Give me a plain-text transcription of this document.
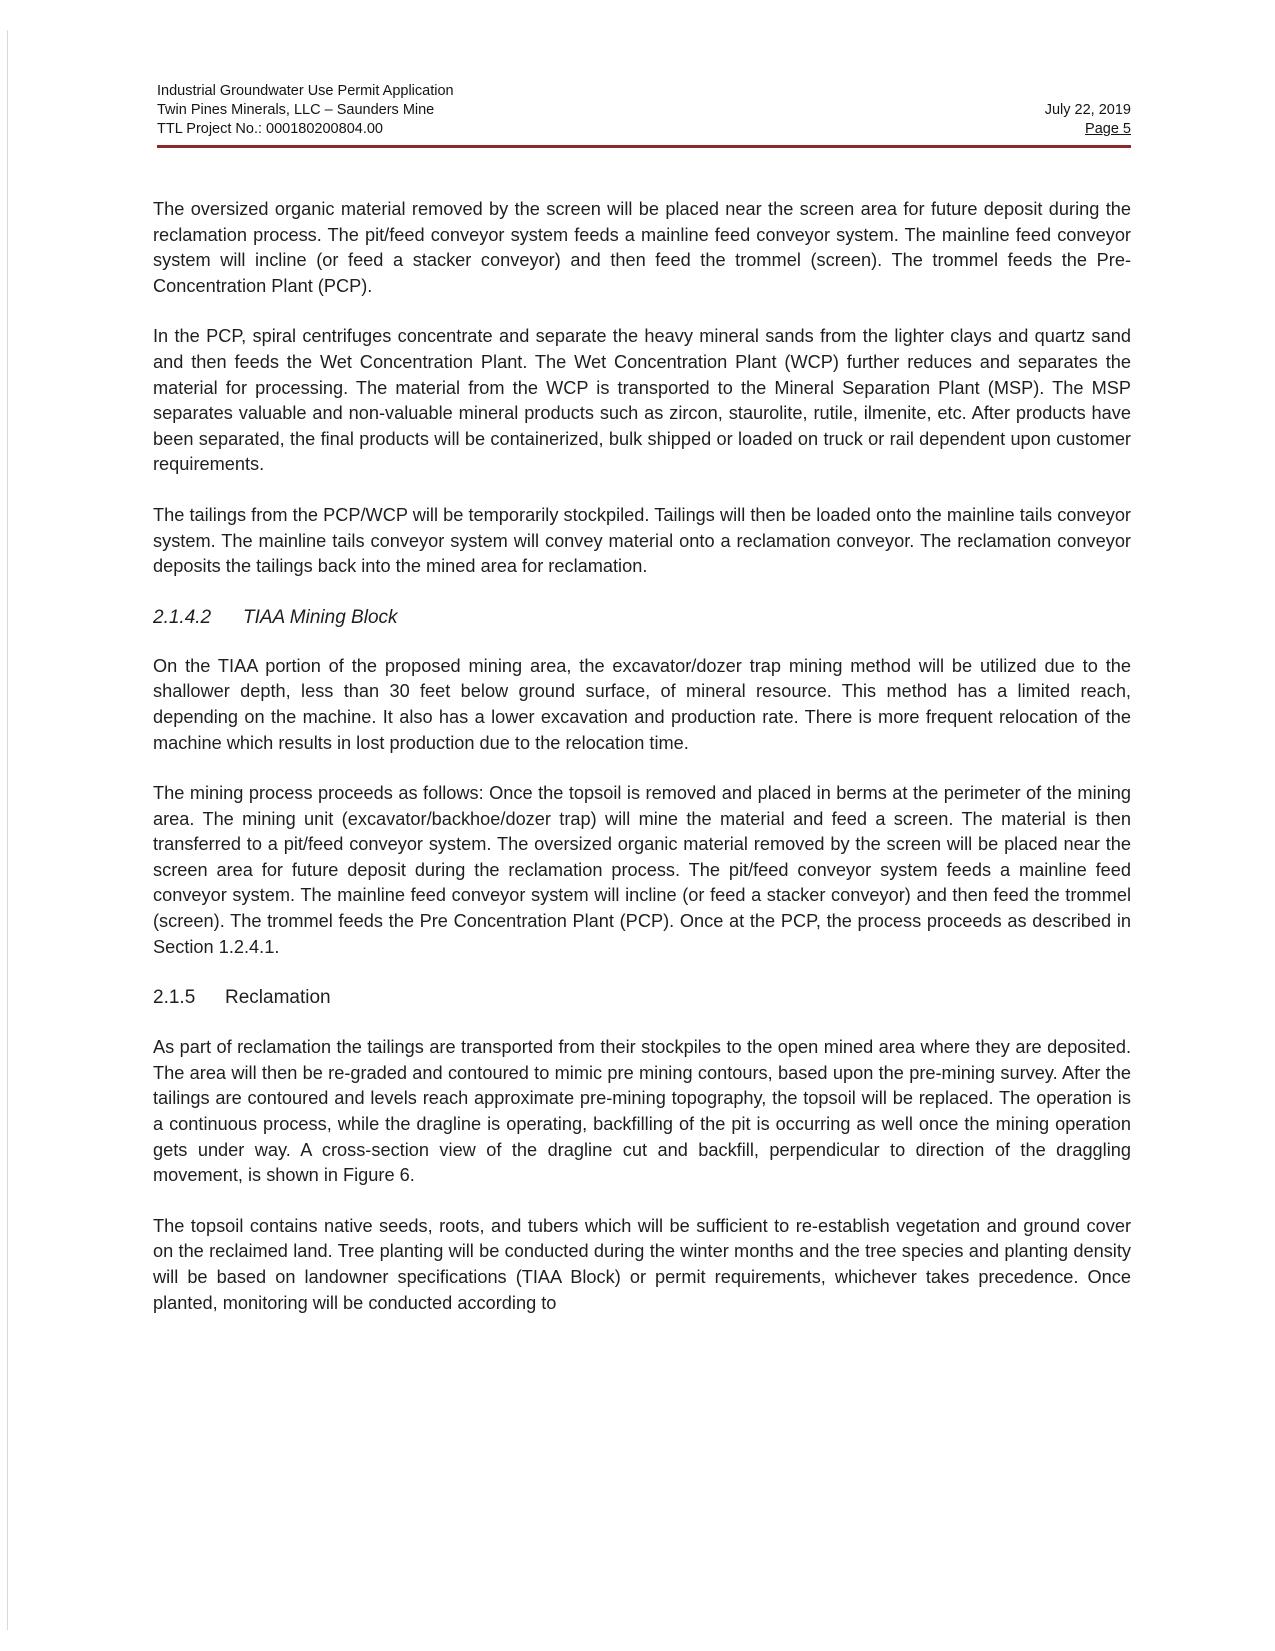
Industrial Groundwater Use Permit Application
Twin Pines Minerals, LLC – Saunders Mine
TTL Project No.: 000180200804.00
July 22, 2019
Page 5

The oversized organic material removed by the screen will be placed near the screen area for future deposit during the reclamation process. The pit/feed conveyor system feeds a mainline feed conveyor system. The mainline feed conveyor system will incline (or feed a stacker conveyor) and then feed the trommel (screen). The trommel feeds the Pre-Concentration Plant (PCP).

In the PCP, spiral centrifuges concentrate and separate the heavy mineral sands from the lighter clays and quartz sand and then feeds the Wet Concentration Plant. The Wet Concentration Plant (WCP) further reduces and separates the material for processing. The material from the WCP is transported to the Mineral Separation Plant (MSP). The MSP separates valuable and non-valuable mineral products such as zircon, staurolite, rutile, ilmenite, etc. After products have been separated, the final products will be containerized, bulk shipped or loaded on truck or rail dependent upon customer requirements.

The tailings from the PCP/WCP will be temporarily stockpiled. Tailings will then be loaded onto the mainline tails conveyor system. The mainline tails conveyor system will convey material onto a reclamation conveyor. The reclamation conveyor deposits the tailings back into the mined area for reclamation.

2.1.4.2 TIAA Mining Block

On the TIAA portion of the proposed mining area, the excavator/dozer trap mining method will be utilized due to the shallower depth, less than 30 feet below ground surface, of mineral resource. This method has a limited reach, depending on the machine. It also has a lower excavation and production rate. There is more frequent relocation of the machine which results in lost production due to the relocation time.

The mining process proceeds as follows: Once the topsoil is removed and placed in berms at the perimeter of the mining area. The mining unit (excavator/backhoe/dozer trap) will mine the material and feed a screen. The material is then transferred to a pit/feed conveyor system. The oversized organic material removed by the screen will be placed near the screen area for future deposit during the reclamation process. The pit/feed conveyor system feeds a mainline feed conveyor system. The mainline feed conveyor system will incline (or feed a stacker conveyor) and then feed the trommel (screen). The trommel feeds the Pre Concentration Plant (PCP). Once at the PCP, the process proceeds as described in Section 1.2.4.1.

2.1.5 Reclamation

As part of reclamation the tailings are transported from their stockpiles to the open mined area where they are deposited. The area will then be re-graded and contoured to mimic pre mining contours, based upon the pre-mining survey. After the tailings are contoured and levels reach approximate pre-mining topography, the topsoil will be replaced. The operation is a continuous process, while the dragline is operating, backfilling of the pit is occurring as well once the mining operation gets under way. A cross-section view of the dragline cut and backfill, perpendicular to direction of the draggling movement, is shown in Figure 6.

The topsoil contains native seeds, roots, and tubers which will be sufficient to re-establish vegetation and ground cover on the reclaimed land. Tree planting will be conducted during the winter months and the tree species and planting density will be based on landowner specifications (TIAA Block) or permit requirements, whichever takes precedence. Once planted, monitoring will be conducted according to
